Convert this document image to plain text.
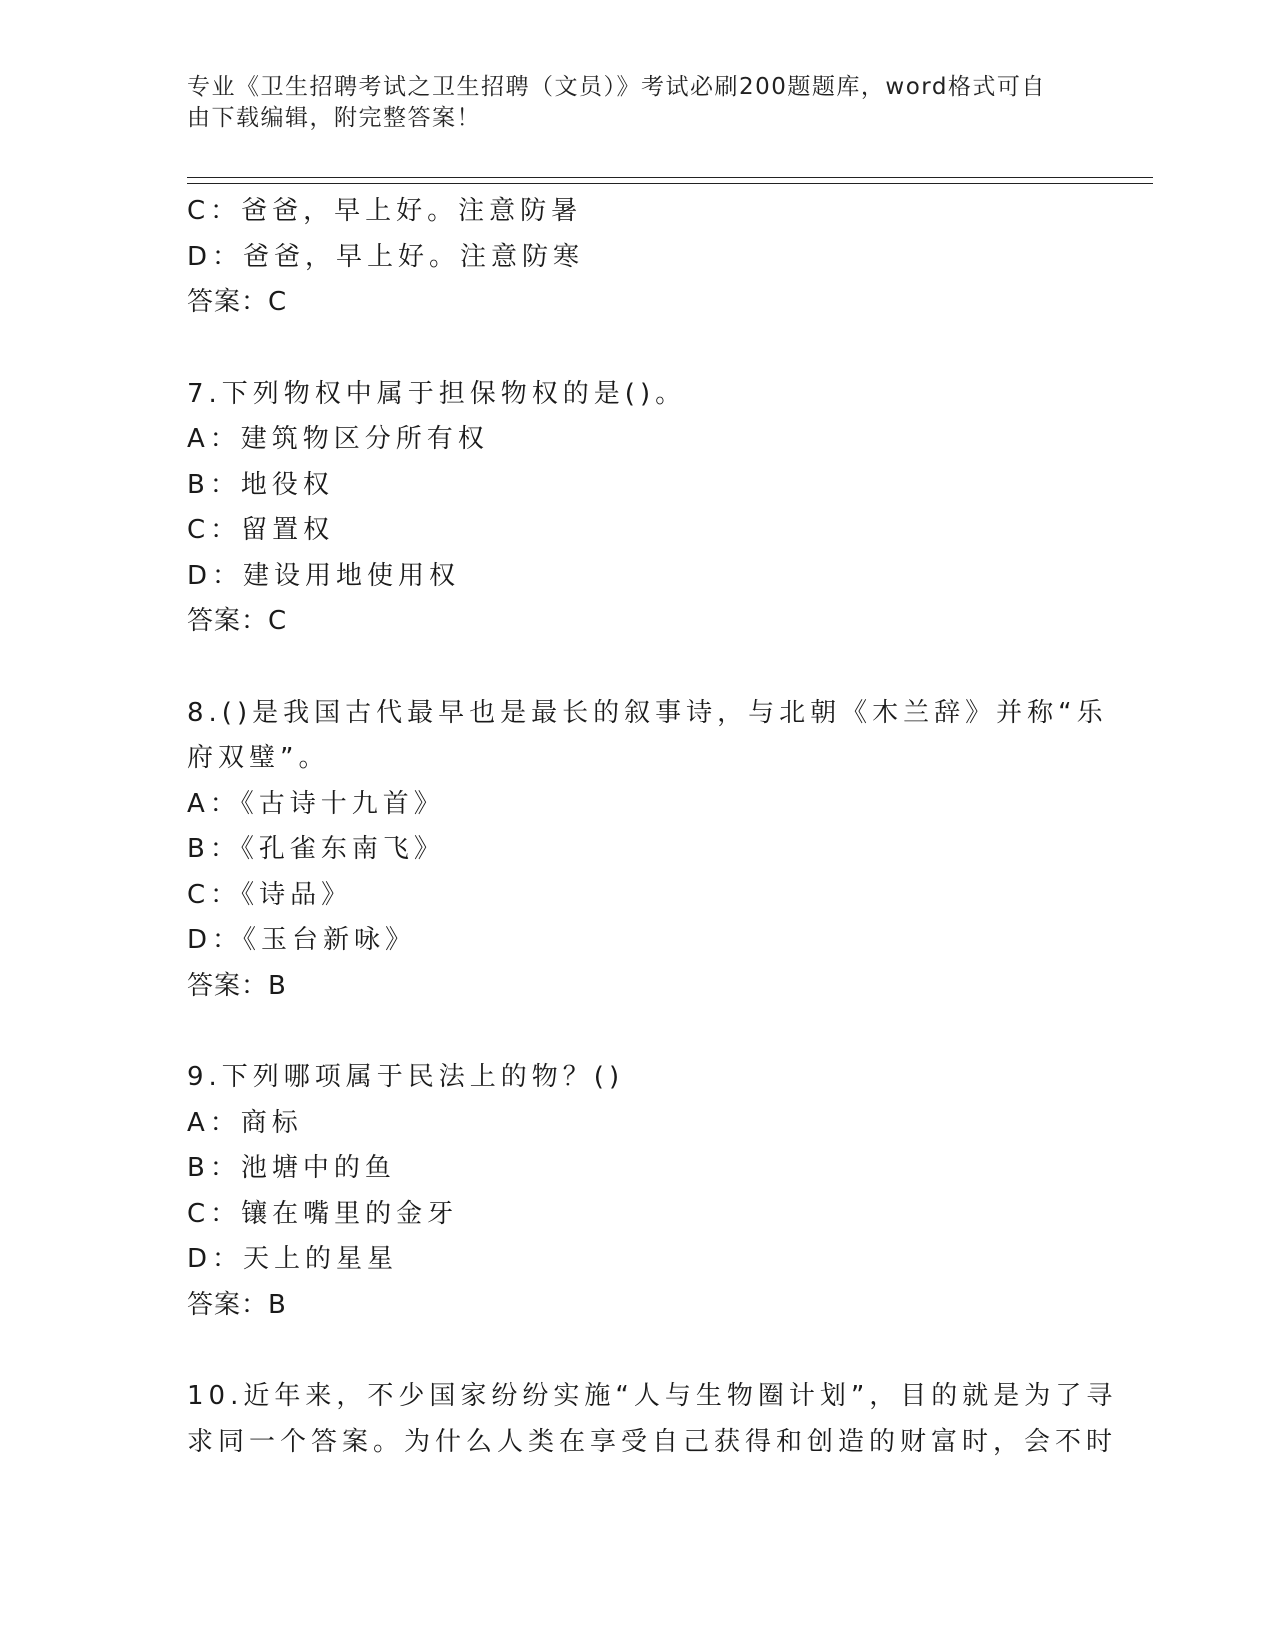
专业《卫生招聘考试之卫生招聘（文员）》考试必刷200题题库，word格式可自由下载编辑，附完整答案！
C：爸爸，早上好。注意防暑
D：爸爸，早上好。注意防寒
答案：C
7.下列物权中属于担保物权的是()。
A：建筑物区分所有权
B：地役权
C：留置权
D：建设用地使用权
答案：C
8.()是我国古代最早也是最长的叙事诗，与北朝《木兰辞》并称“乐
府双璧”。
A：《古诗十九首》
B：《孔雀东南飞》
C：《诗品》
D：《玉台新咏》
答案：B
9.下列哪项属于民法上的物？()
A：商标
B：池塘中的鱼
C：镶在嘴里的金牙
D：天上的星星
答案：B
10.近年来，不少国家纷纷实施“人与生物圈计划”，目的就是为了寻
求同一个答案。为什么人类在享受自己获得和创造的财富时，会不时
